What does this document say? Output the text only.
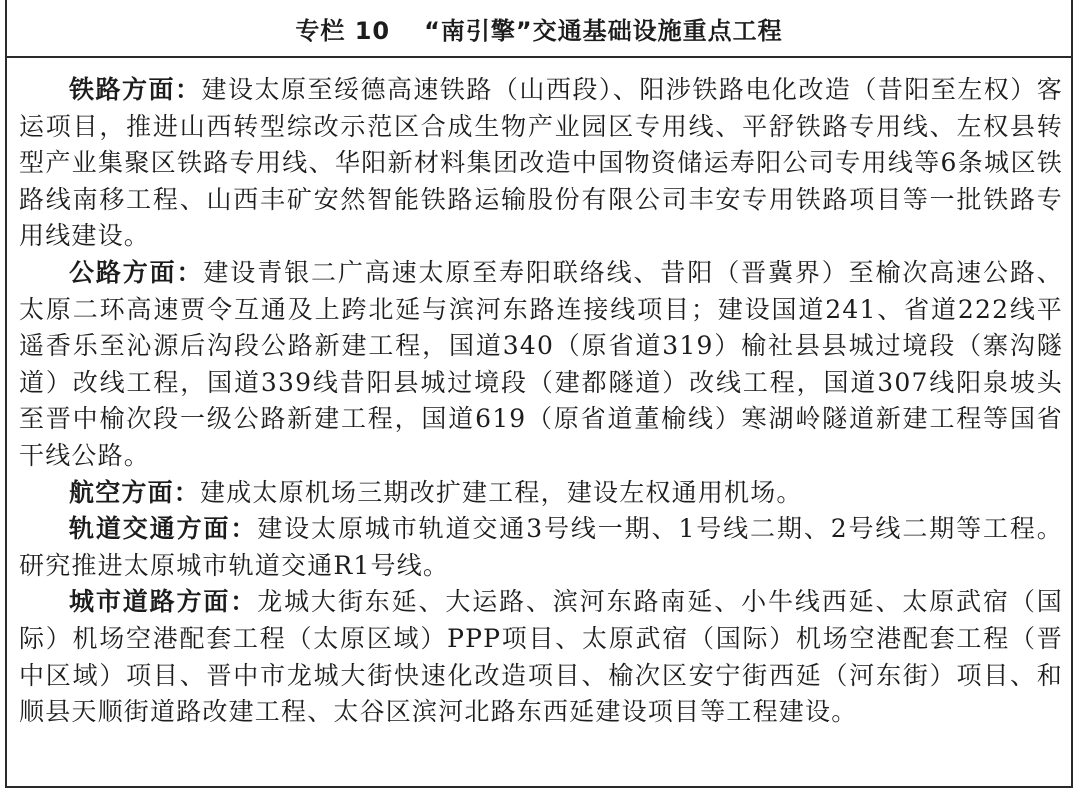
专栏 10 “南引擎”交通基础设施重点工程

铁路方面：建设太原至绥德高速铁路（山西段）、阳涉铁路电化改造（昔阳至左权）客运项目，推进山西转型综改示范区合成生物产业园区专用线、平舒铁路专用线、左权县转型产业集聚区铁路专用线、华阳新材料集团改造中国物资储运寿阳公司专用线等6条城区铁路线南移工程、山西丰矿安然智能铁路运输股份有限公司丰安专用铁路项目等一批铁路专用线建设。

公路方面：建设青银二广高速太原至寿阳联络线、昔阳（晋冀界）至榆次高速公路、太原二环高速贾令互通及上跨北延与滨河东路连接线项目；建设国道241、省道222线平遥香乐至沁源后沟段公路新建工程，国道340（原省道319）榆社县县城过境段（寨沟隧道）改线工程，国道339线昔阳县城过境段（建都隧道）改线工程，国道307线阳泉坡头至晋中榆次段一级公路新建工程，国道619（原省道董榆线）寒湖岭隧道新建工程等国省干线公路。

航空方面：建成太原机场三期改扩建工程，建设左权通用机场。

轨道交通方面：建设太原城市轨道交通3号线一期、1号线二期、2号线二期等工程。研究推进太原城市轨道交通R1号线。

城市道路方面：龙城大街东延、大运路、滨河东路南延、小牛线西延、太原武宿（国际）机场空港配套工程（太原区域）PPP项目、太原武宿（国际）机场空港配套工程（晋中区域）项目、晋中市龙城大街快速化改造项目、榆次区安宁街西延（河东街）项目、和顺县天顺街道路改建工程、太谷区滨河北路东西延建设项目等工程建设。
